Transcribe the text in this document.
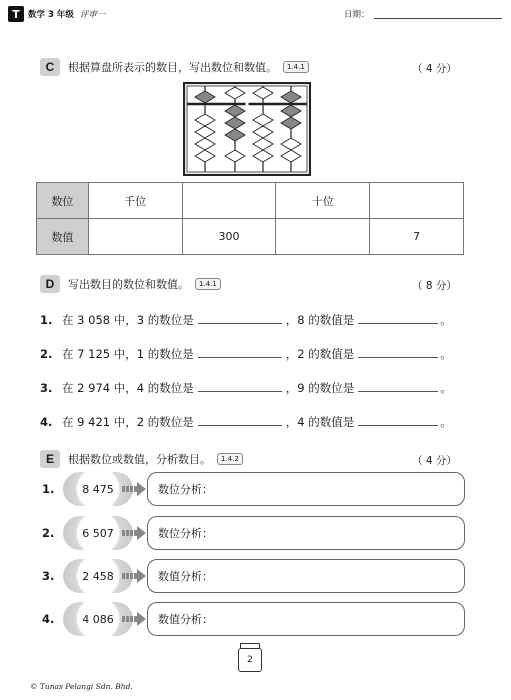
T 数学 3 年级 评审一	日期：
C	根据算盘所表示的数目，写出数位和数值。	1.4.1	（ 4 分）
数位	千位		十位	
数值		300		7
D	写出数目的数位和数值。	1.4.1	（ 8 分）
1. 在 3 058 中，3 的数位是	，8 的数值是	。
2. 在 7 125 中，1 的数位是	，2 的数值是	。
3. 在 2 974 中，4 的数位是	，9 的数位是	。
4. 在 9 421 中，2 的数位是	，4 的数值是	。
E	根据数位或数值，分析数目。	1.4.2	（ 4 分）
1.	8 475	数位分析：
2.	6 507	数位分析：
3.	2 458	数值分析：
4.	4 086	数值分析：
© Tunas Pelangi Sdn. Bhd.
2
